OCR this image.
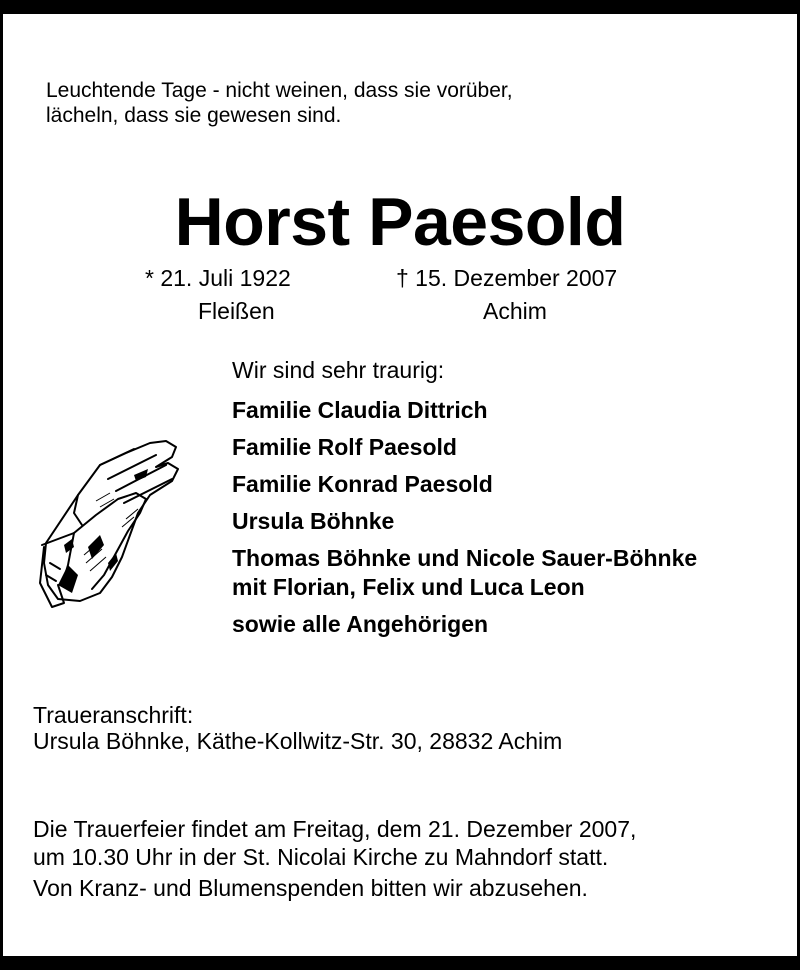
Leuchtende Tage - nicht weinen, dass sie vorüber,
lächeln, dass sie gewesen sind.
Horst Paesold
* 21. Juli 1922
Fleißen
† 15. Dezember 2007
Achim
Wir sind sehr traurig:
Familie Claudia Dittrich
Familie Rolf Paesold
Familie Konrad Paesold
Ursula Böhnke
Thomas Böhnke und Nicole Sauer-Böhnke
mit Florian, Felix und Luca Leon
sowie alle Angehörigen
Traueranschrift:
Ursula Böhnke, Käthe-Kollwitz-Str. 30, 28832 Achim
Die Trauerfeier findet am Freitag, dem 21. Dezember 2007,
um 10.30 Uhr in der St. Nicolai Kirche zu Mahndorf statt.
Von Kranz- und Blumenspenden bitten wir abzusehen.
